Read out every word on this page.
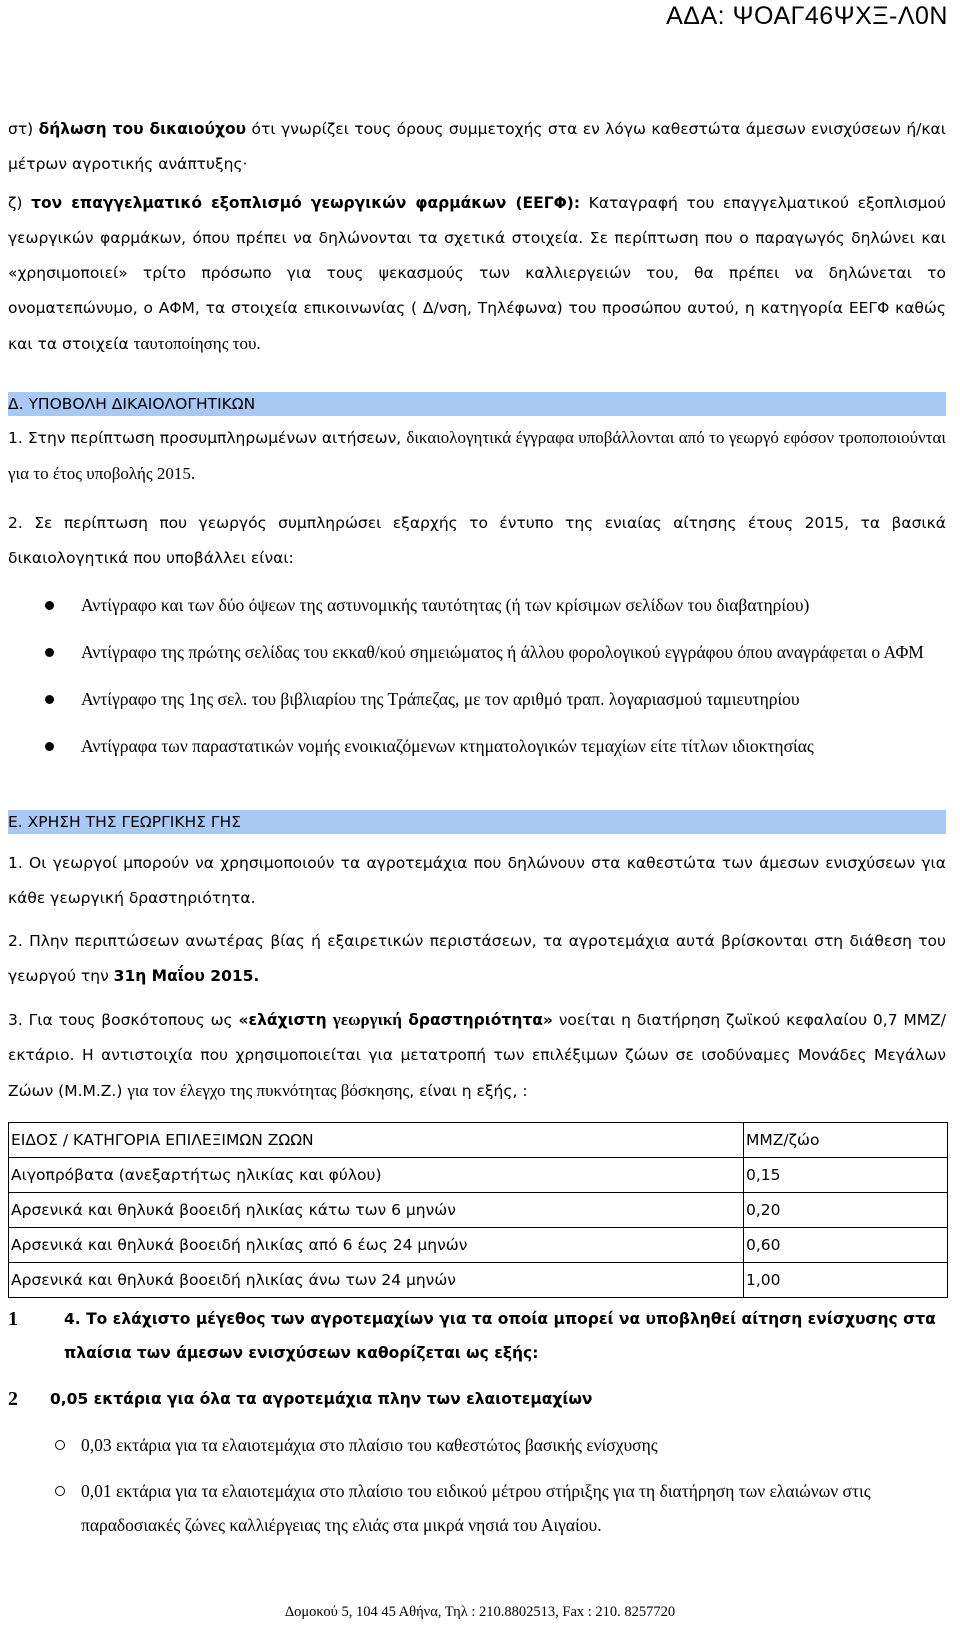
ΑΔΑ: ΨΟΑΓ46ΨΧΞ-Λ0Ν
στ) δήλωση του δικαιούχου ότι γνωρίζει τους όρους συμμετοχής στα εν λόγω καθεστώτα άμεσων ενισχύσεων ή/και μέτρων αγροτικής ανάπτυξης·
ζ) τον επαγγελματικό εξοπλισμό γεωργικών φαρμάκων (ΕΕΓΦ): Καταγραφή του επαγγελματικού εξοπλισμού γεωργικών φαρμάκων, όπου πρέπει να δηλώνονται τα σχετικά στοιχεία. Σε περίπτωση που ο παραγωγός δηλώνει και «χρησιμοποιεί» τρίτο πρόσωπο για τους ψεκασμούς των καλλιεργειών του, θα πρέπει να δηλώνεται το ονοματεπώνυμο, ο ΑΦΜ, τα στοιχεία επικοινωνίας ( Δ/νση, Τηλέφωνα) του προσώπου αυτού, η κατηγορία ΕΕΓΦ καθώς και τα στοιχεία ταυτοποίησης του.
Δ. ΥΠΟΒΟΛΗ ΔΙΚΑΙΟΛΟΓΗΤΙΚΩΝ
1. Στην περίπτωση προσυμπληρωμένων αιτήσεων, δικαιολογητικά έγγραφα υποβάλλονται από το γεωργό εφόσον τροποποιούνται για το έτος υποβολής 2015.
2. Σε περίπτωση που γεωργός συμπληρώσει εξαρχής το έντυπο της ενιαίας αίτησης έτους 2015, τα βασικά δικαιολογητικά που υποβάλλει είναι:
Αντίγραφο και των δύο όψεων της αστυνομικής ταυτότητας (ή των κρίσιμων σελίδων του διαβατηρίου)
Αντίγραφο της πρώτης σελίδας του εκκαθ/κού σημειώματος ή άλλου φορολογικού εγγράφου όπου αναγράφεται ο ΑΦΜ
Αντίγραφο της 1ης σελ. του βιβλιαρίου της Τράπεζας, με τον αριθμό τραπ. λογαριασμού ταμιευτηρίου
Αντίγραφα των παραστατικών νομής ενοικιαζόμενων κτηματολογικών τεμαχίων είτε τίτλων ιδιοκτησίας
Ε. ΧΡΗΣΗ ΤΗΣ ΓΕΩΡΓΙΚΗΣ ΓΗΣ
1. Οι γεωργοί μπορούν να χρησιμοποιούν τα αγροτεμάχια που δηλώνουν στα καθεστώτα των άμεσων ενισχύσεων για κάθε γεωργική δραστηριότητα.
2. Πλην περιπτώσεων ανωτέρας βίας ή εξαιρετικών περιστάσεων, τα αγροτεμάχια αυτά βρίσκονται στη διάθεση του γεωργού την 31η Μαΐου 2015.
3. Για τους βοσκότοπους ως «ελάχιστη γεωργική δραστηριότητα» νοείται η διατήρηση ζωϊκού κεφαλαίου 0,7 ΜΜΖ/εκτάριο. Η αντιστοιχία που χρησιμοποιείται για μετατροπή των επιλέξιμων ζώων σε ισοδύναμες Μονάδες Μεγάλων Ζώων (Μ.Μ.Ζ.) για τον έλεγχο της πυκνότητας βόσκησης, είναι η εξής, :
ΕΙΔΟΣ / ΚΑΤΗΓΟΡΙΑ ΕΠΙΛΕΞΙΜΩΝ ΖΩΩΝ	ΜΜΖ/ζώο
Αιγοπρόβατα (ανεξαρτήτως ηλικίας και φύλου)	0,15
Αρσενικά και θηλυκά βοοειδή ηλικίας κάτω των 6 μηνών	0,20
Αρσενικά και θηλυκά βοοειδή ηλικίας από 6 έως 24 μηνών	0,60
Αρσενικά και θηλυκά βοοειδή ηλικίας άνω των 24 μηνών	1,00
1	4. Το ελάχιστο μέγεθος των αγροτεμαχίων για τα οποία μπορεί να υποβληθεί αίτηση ενίσχυσης στα πλαίσια των άμεσων ενισχύσεων καθορίζεται ως εξής:
2	0,05 εκτάρια για όλα τα αγροτεμάχια πλην των ελαιοτεμαχίων
0,03 εκτάρια για τα ελαιοτεμάχια στο πλαίσιο του καθεστώτος βασικής ενίσχυσης
0,01 εκτάρια για τα ελαιοτεμάχια στο πλαίσιο του ειδικού μέτρου στήριξης για τη διατήρηση των ελαιώνων στις παραδοσιακές ζώνες καλλιέργειας της ελιάς στα μικρά νησιά του Αιγαίου.
Δομοκού 5, 104 45 Αθήνα, Τηλ : 210.8802513, Fax : 210. 8257720
